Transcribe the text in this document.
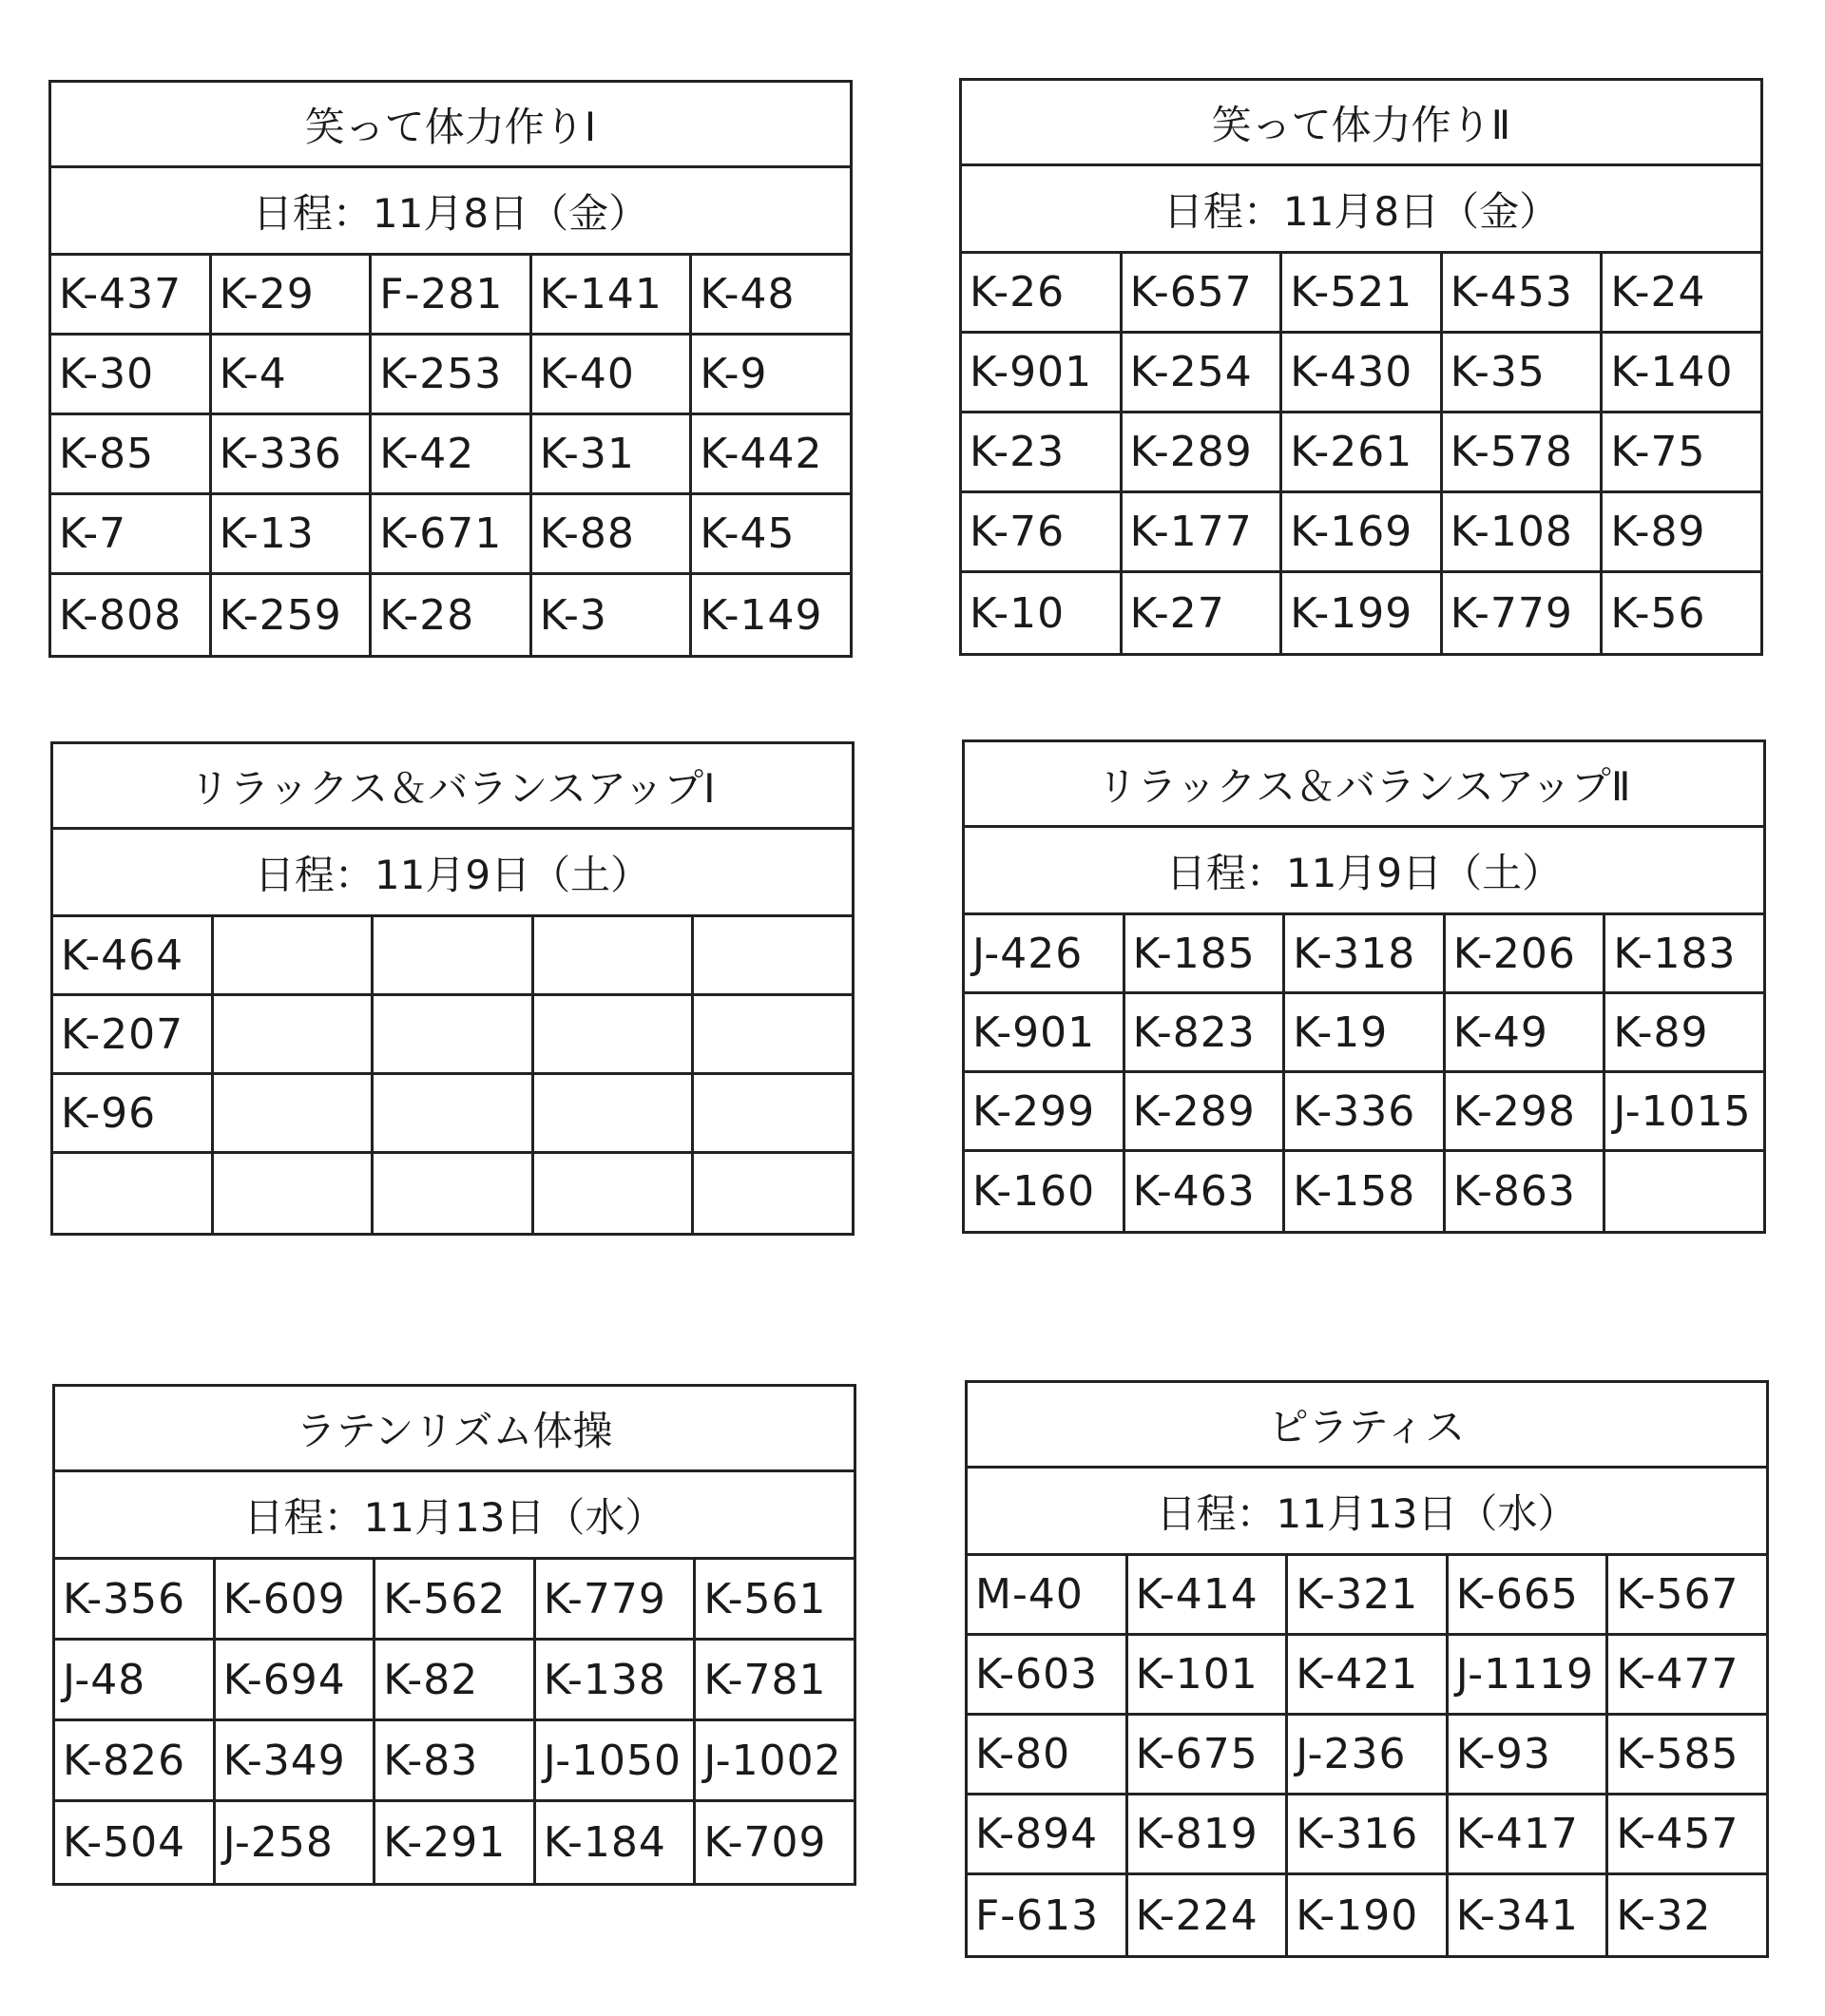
笑って体力作りⅠ
日程：11月8日（金）
K-437 K-29	F-281 K-141 K-48
K-30	K-4	K-253 K-40	K-9
K-85	K-336 K-42	K-31	K-442
K-7	K-13	K-671 K-88	K-45
K-808 K-259 K-28	K-3	K-149
笑って体力作りⅡ
日程：11月8日（金）
K-26	K-657 K-521 K-453 K-24
K-901 K-254 K-430 K-35	K-140
K-23	K-289 K-261 K-578 K-75
K-76	K-177 K-169 K-108 K-89
K-10	K-27	K-199 K-779 K-56
リラックス＆バランスアップⅠ
日程：11月9日（土）
K-464
K-207
K-96
リラックス＆バランスアップⅡ
日程：11月9日（土）
J-426	K-185 K-318 K-206 K-183
K-901 K-823 K-19	K-49	K-89
K-299 K-289 K-336 K-298 J-1015
K-160 K-463 K-158 K-863
ラテンリズム体操
日程：11月13日（水）
K-356 K-609 K-562 K-779 K-561
J-48	K-694 K-82	K-138 K-781
K-826 K-349 K-83	J-1050 J-1002
K-504 J-258	K-291 K-184 K-709
ピラティス
日程：11月13日（水）
M-40	K-414 K-321 K-665 K-567
K-603 K-101 K-421 J-1119 K-477
K-80	K-675 J-236	K-93	K-585
K-894 K-819 K-316 K-417 K-457
F-613 K-224 K-190 K-341 K-32
